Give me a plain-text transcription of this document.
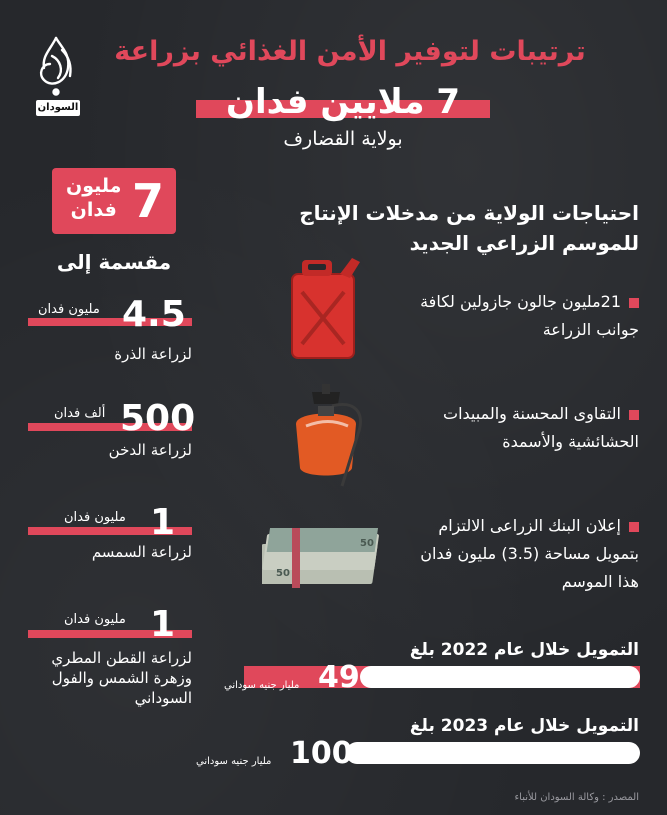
السودان
ترتيبات لتوفير الأمن الغذائي بزراعة
7 ملايين فدان
بولاية القضارف
7
مليون
فدان
مقسمة إلى
4.5
مليون فدان
لزراعة الذرة
500
ألف فدان
لزراعة الدخن
1
مليون فدان
لزراعة السمسم
1
مليون فدان
لزراعة القطن المطري وزهرة الشمس والفول السوداني
احتياجات الولاية من مدخلات الإنتاج للموسم الزراعي الجديد
50
50
21مليون جالون جازولين لكافة جوانب الزراعة
التقاوى المحسنة والمبيدات الحشائشية والأسمدة
إعلان البنك الزراعى الالتزام بتمويل مساحة (3.5) مليون فدان هذا الموسم
التمويل خلال عام 2022 بلغ
49
مليار جنيه سوداني
التمويل خلال عام 2023 بلغ
100
مليار جنيه سوداني
المصدر : وكالة السودان للأنباء
